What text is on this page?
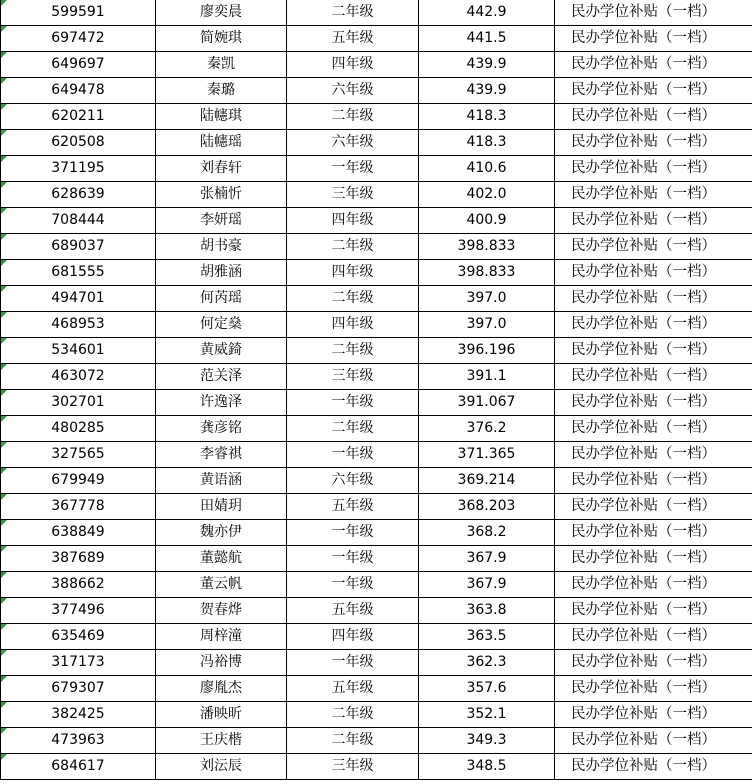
599591	廖奕晨	二年级	442.9	民办学位补贴（一档）

697472	简婉琪	五年级	441.5	民办学位补贴（一档）

649697	秦凯	四年级	439.9	民办学位补贴（一档）

649478	秦璐	六年级	439.9	民办学位补贴（一档）

620211	陆幰琪	二年级	418.3	民办学位补贴（一档）

620508	陆幰瑶	六年级	418.3	民办学位补贴（一档）

371195	刘春轩	一年级	410.6	民办学位补贴（一档）

628639	张楠忻	三年级	402.0	民办学位补贴（一档）

708444	李妍瑶	四年级	400.9	民办学位补贴（一档）

689037	胡书豪	二年级	398.833	民办学位补贴（一档）

681555	胡雅涵	四年级	398.833	民办学位补贴（一档）

494701	何芮瑶	二年级	397.0	民办学位补贴（一档）

468953	何定燊	四年级	397.0	民办学位补贴（一档）

534601	黄威錡	二年级	396.196	民办学位补贴（一档）

463072	范关泽	三年级	391.1	民办学位补贴（一档）

302701	许逸泽	一年级	391.067	民办学位补贴（一档）

480285	龚彦铭	二年级	376.2	民办学位补贴（一档）

327565	李睿祺	一年级	371.365	民办学位补贴（一档）

679949	黄语涵	六年级	369.214	民办学位补贴（一档）

367778	田婧玥	五年级	368.203	民办学位补贴（一档）

638849	魏亦伊	一年级	368.2	民办学位补贴（一档）

387689	董懿航	一年级	367.9	民办学位补贴（一档）

388662	董云帆	一年级	367.9	民办学位补贴（一档）

377496	贺春烨	五年级	363.8	民办学位补贴（一档）

635469	周梓潼	四年级	363.5	民办学位补贴（一档）

317173	冯裕博	一年级	362.3	民办学位补贴（一档）

679307	廖胤杰	五年级	357.6	民办学位补贴（一档）

382425	潘映昕	二年级	352.1	民办学位补贴（一档）

473963	王庆楷	二年级	349.3	民办学位补贴（一档）

684617	刘沄辰	三年级	348.5	民办学位补贴（一档）
